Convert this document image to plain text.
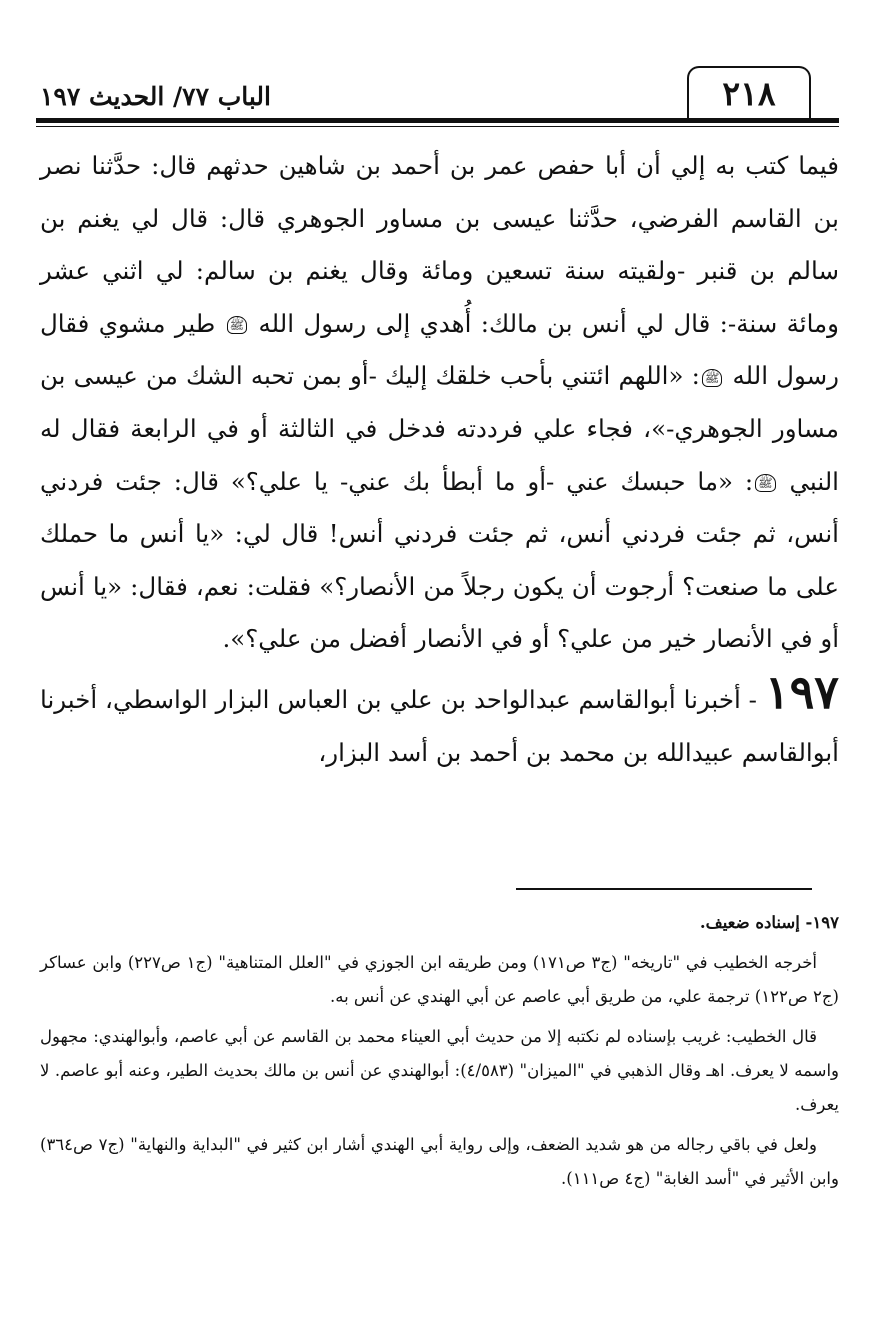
٢١٨
الباب ٧٧/ الحديث ١٩٧

فيما كتب به إلي أن أبا حفص عمر بن أحمد بن شاهين حدثهم قال: حدَّثنا نصر بن القاسم الفرضي، حدَّثنا عيسى بن مساور الجوهري قال: قال لي يغنم بن سالم بن قنبر -ولقيته سنة تسعين ومائة وقال يغنم بن سالم: لي اثني عشر ومائة سنة-: قال لي أنس بن مالك: أُهدي إلى رسول الله ﷺ طير مشوي فقال رسول الله ﷺ: «اللهم ائتني بأحب خلقك إليك -أو بمن تحبه الشك من عيسى بن مساور الجوهري-»، فجاء علي فرددته فدخل في الثالثة أو في الرابعة فقال له النبي ﷺ: «ما حبسك عني -أو ما أبطأ بك عني- يا علي؟» قال: جئت فردني أنس، ثم جئت فردني أنس، ثم جئت فردني أنس! قال لي: «يا أنس ما حملك على ما صنعت؟ أرجوت أن يكون رجلاً من الأنصار؟» فقلت: نعم، فقال: «يا أنس أو في الأنصار خير من علي؟ أو في الأنصار أفضل من علي؟».

١٩٧ - أخبرنا أبوالقاسم عبدالواحد بن علي بن العباس البزار الواسطي، أخبرنا أبوالقاسم عبيدالله بن محمد بن أحمد بن أسد البزار،

١٩٧- إسناده ضعيف.

أخرجه الخطيب في "تاريخه" (ج٣ ص١٧١) ومن طريقه ابن الجوزي في "العلل المتناهية" (ج١ ص٢٢٧) وابن عساكر (ج٢ ص١٢٢) ترجمة علي، من طريق أبي عاصم عن أبي الهندي عن أنس به.

قال الخطيب: غريب بإسناده لم نكتبه إلا من حديث أبي العيناء محمد بن القاسم عن أبي عاصم، وأبوالهندي: مجهول واسمه لا يعرف. اهـ وقال الذهبي في "الميزان" (٤/٥٨٣): أبوالهندي عن أنس بن مالك بحديث الطير، وعنه أبو عاصم. لا يعرف.

ولعل في باقي رجاله من هو شديد الضعف، وإلى رواية أبي الهندي أشار ابن كثير في "البداية والنهاية" (ج٧ ص٣٦٤) وابن الأثير في "أسد الغابة" (ج٤ ص١١١).
